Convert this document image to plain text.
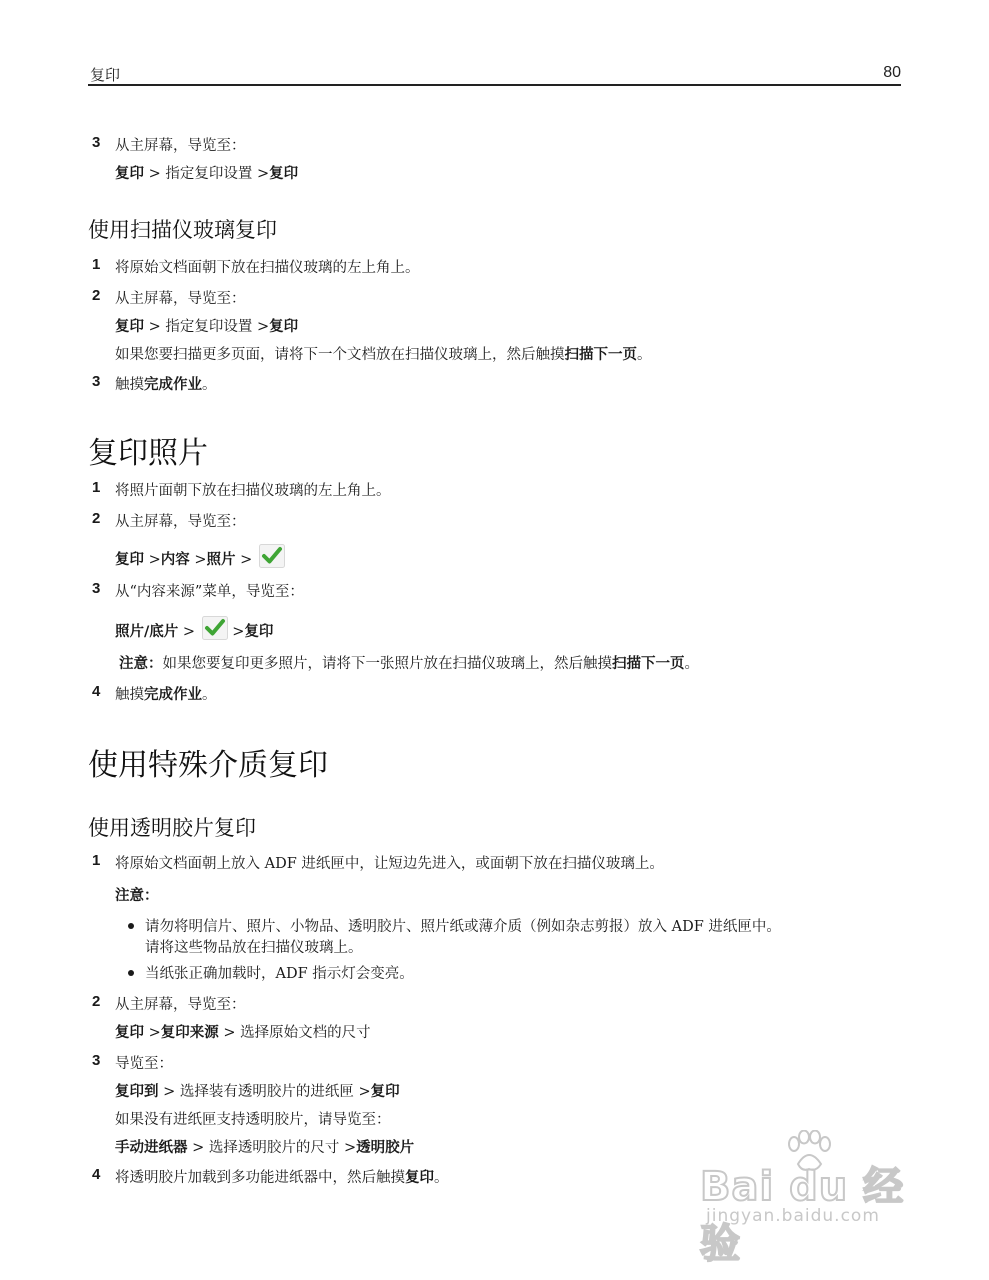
复印	80
3 从主屏幕，导览至：
复印 > 指定复印设置 >复印
使用扫描仪玻璃复印
1 将原始文档面朝下放在扫描仪玻璃的左上角上。
2 从主屏幕，导览至：
复印 > 指定复印设置 >复印
如果您要扫描更多页面，请将下一个文档放在扫描仪玻璃上，然后触摸扫描下一页。
3 触摸完成作业。
复印照片
1 将照片面朝下放在扫描仪玻璃的左上角上。
2 从主屏幕，导览至：
复印 >内容 >照片 >
3 从“内容来源”菜单，导览至：
照片/底片 >  >复印
注意：如果您要复印更多照片，请将下一张照片放在扫描仪玻璃上，然后触摸扫描下一页。
4 触摸完成作业。
使用特殊介质复印
使用透明胶片复印
1 将原始文档面朝上放入 ADF 进纸匣中，让短边先进入，或面朝下放在扫描仪玻璃上。
注意：
请勿将明信片、照片、小物品、透明胶片、照片纸或薄介质（例如杂志剪报）放入 ADF 进纸匣中。
请将这些物品放在扫描仪玻璃上。
当纸张正确加载时，ADF 指示灯会变亮。
2 从主屏幕，导览至：
复印 >复印来源 > 选择原始文档的尺寸
3 导览至：
复印到 > 选择装有透明胶片的进纸匣 >复印
如果没有进纸匣支持透明胶片，请导览至：
手动进纸器 > 选择透明胶片的尺寸 >透明胶片
4 将透明胶片加载到多功能进纸器中，然后触摸复印。	Bai du 经验
jingyan.baidu.com
